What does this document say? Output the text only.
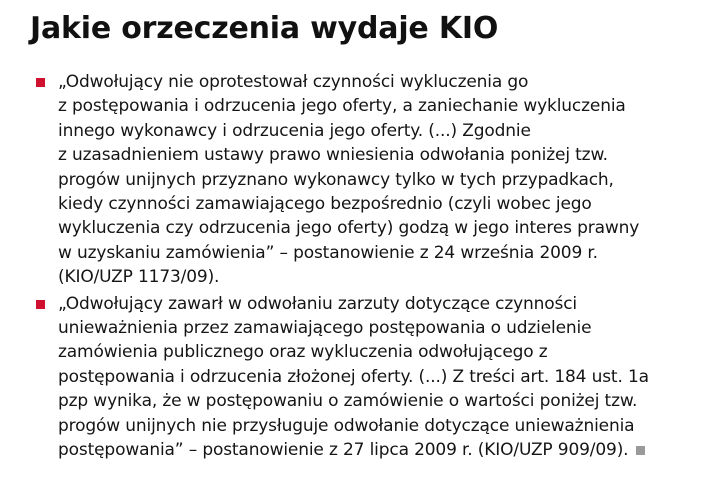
Jakie orzeczenia wydaje KIO
„Odwołujący nie oprotestował czynności wykluczenia go
z postępowania i odrzucenia jego oferty, a zaniechanie wykluczenia
innego wykonawcy i odrzucenia jego oferty. (...) Zgodnie
z uzasadnieniem ustawy prawo wniesienia odwołania poniżej tzw.
progów unijnych przyznano wykonawcy tylko w tych przypadkach,
kiedy czynności zamawiającego bezpośrednio (czyli wobec jego
wykluczenia czy odrzucenia jego oferty) godzą w jego interes prawny
w uzyskaniu zamówienia” – postanowienie z 24 września 2009 r.
(KIO/UZP 1173/09).
„Odwołujący zawarł w odwołaniu zarzuty dotyczące czynności
unieważnienia przez zamawiającego postępowania o udzielenie
zamówienia publicznego oraz wykluczenia odwołującego z
postępowania i odrzucenia złożonej oferty. (...) Z treści art. 184 ust. 1a
pzp wynika, że w postępowaniu o zamówienie o wartości poniżej tzw.
progów unijnych nie przysługuje odwołanie dotyczące unieważnienia
postępowania” – postanowienie z 27 lipca 2009 r. (KIO/UZP 909/09).
